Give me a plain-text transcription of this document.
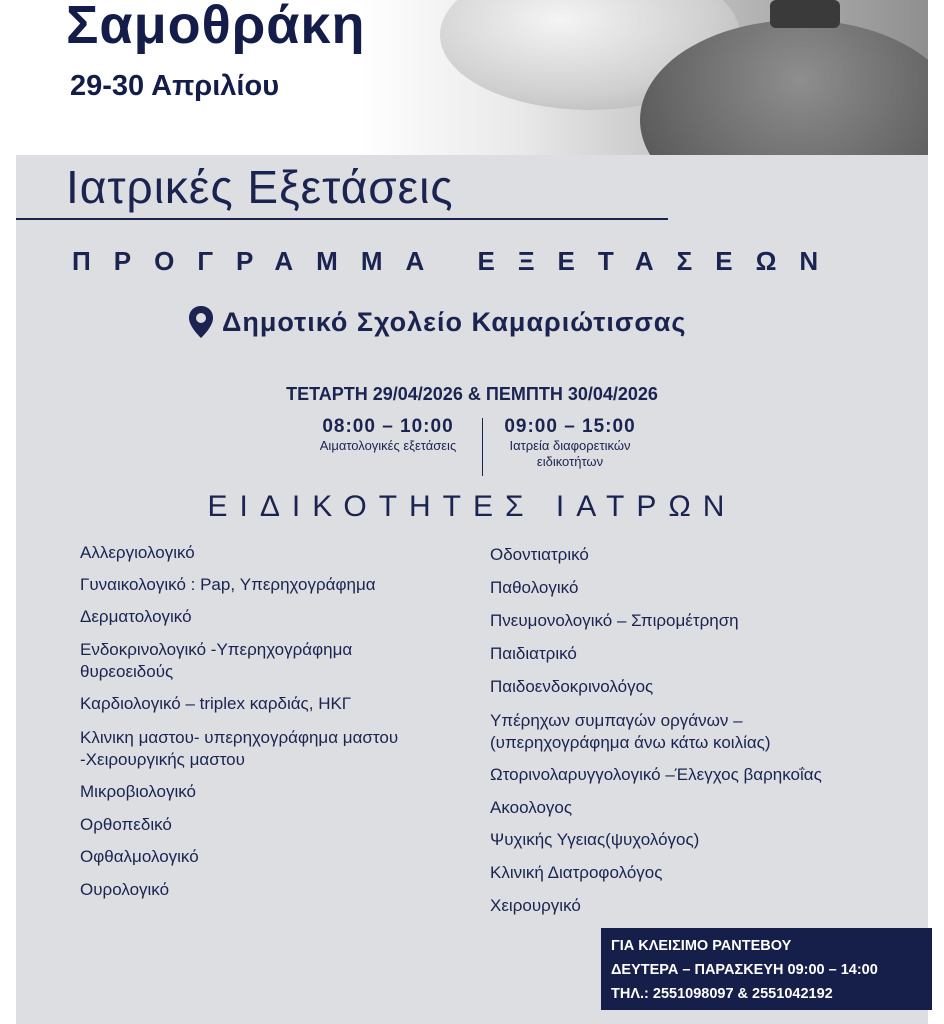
Σαμοθράκη
29-30 Απριλίου
Ιατρικές Εξετάσεις
ΠΡΟΓΡΑΜΜΑ ΕΞΕΤΑΣΕΩΝ
Δημοτικό Σχολείο Καμαριώτισσας
ΤΕΤΑΡΤΗ 29/04/2026 & ΠΕΜΠΤΗ 30/04/2026
08:00 – 10:00
Αιματολογικές εξετάσεις
09:00 – 15:00
Ιατρεία διαφορετικών
ειδικοτήτων
ΕΙΔΙΚΟΤΗΤΕΣ ΙΑΤΡΩΝ
Αλλεργιολογικό
Γυναικολογικό : Pap, Υπερηχογράφημα
Δερματολογικό
Ενδοκρινολογικό -Υπερηχογράφημα
θυρεοειδούς
Καρδιολογικό – triplex καρδιάς, ΗΚΓ
Κλινικη μαστου- υπερηχογράφημα μαστου
-Χειρουργικής μαστου
Μικροβιολογικό
Ορθοπεδικό
Οφθαλμολογικό
Ουρολογικό
Οδοντιατρικό
Παθολογικό
Πνευμονολογικό – Σπιρομέτρηση
Παιδιατρικό
Παιδοενδοκρινολόγος
Υπέρηχων συμπαγών οργάνων –
(υπερηχογράφημα άνω κάτω κοιλίας)
Ωτορινολαρυγγολογικό –Έλεγχος βαρηκοΐας
Ακοολογος
Ψυχικής Υγειας(ψυχολόγος)
Κλινική Διατροφολόγος
Χειρουργικό
ΓΙΑ ΚΛΕΙΣΙΜΟ ΡΑΝΤΕΒΟΥ
ΔΕΥΤΕΡΑ – ΠΑΡΑΣΚΕΥΗ 09:00 – 14:00
ΤΗΛ.: 2551098097 & 2551042192
